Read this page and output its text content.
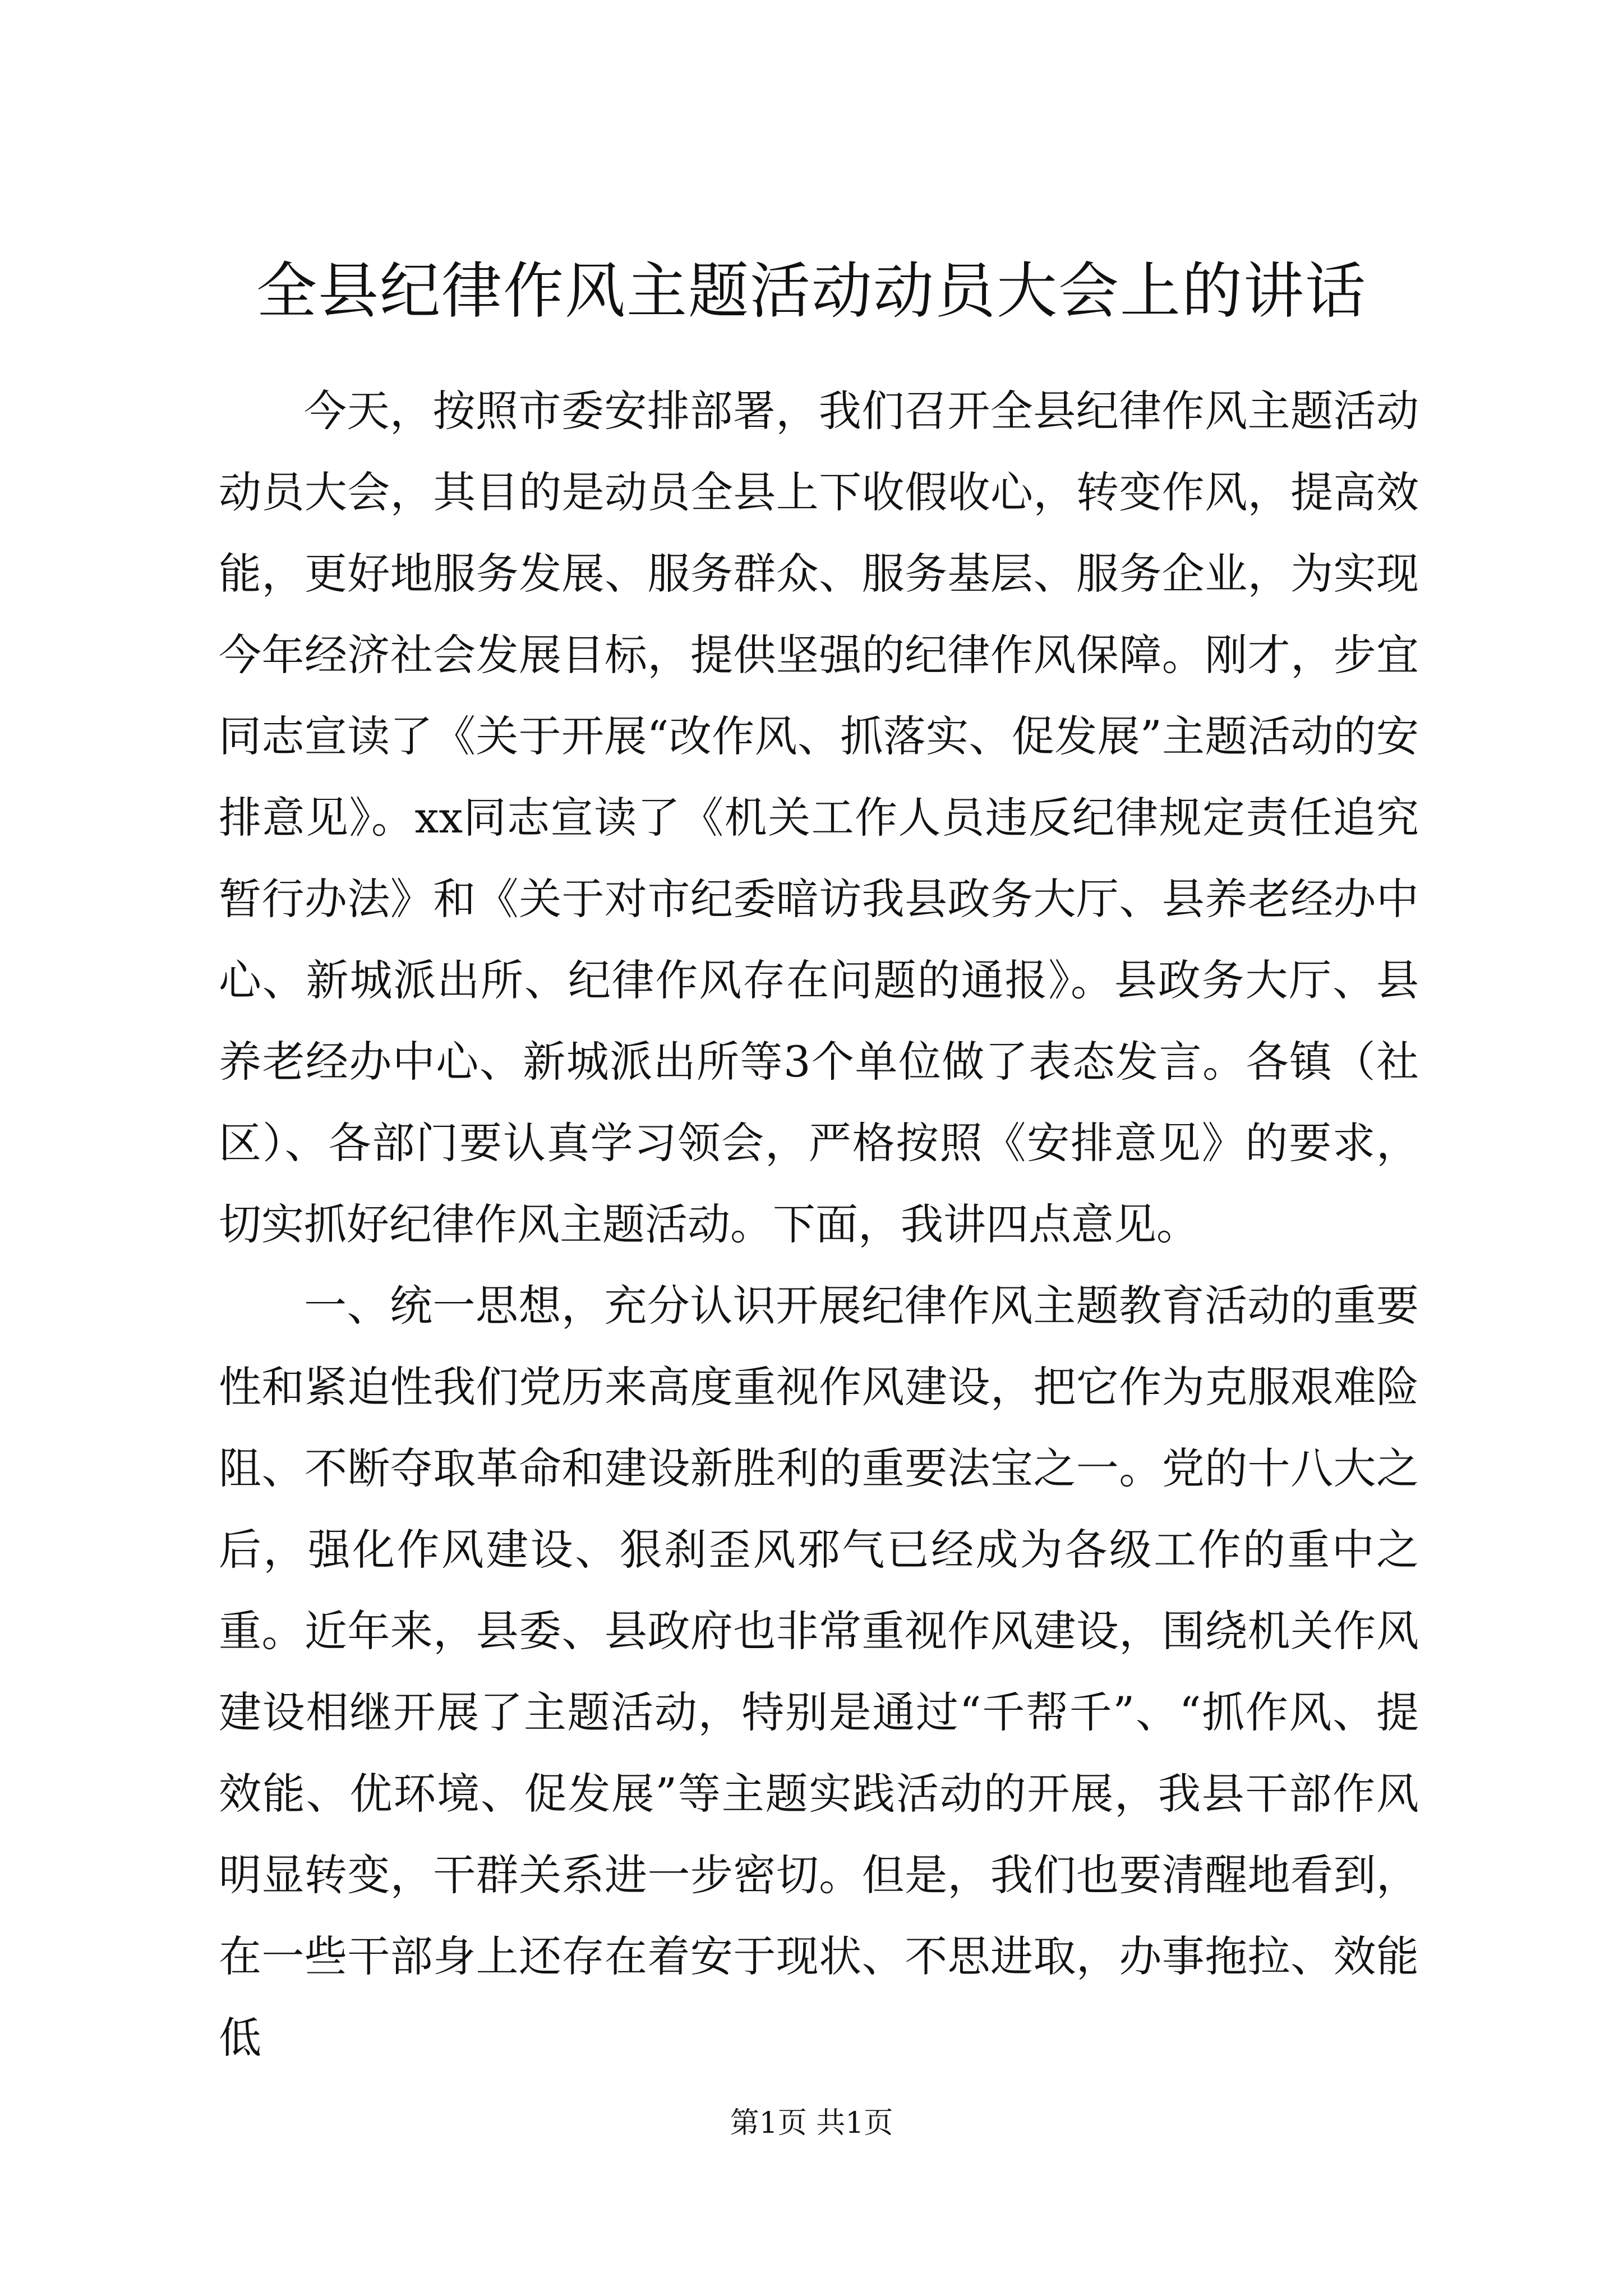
全县纪律作风主题活动动员大会上的讲话

今天，按照市委安排部署，我们召开全县纪律作风主题活动动员大会，其目的是动员全县上下收假收心，转变作风，提高效能，更好地服务发展、服务群众、服务基层、服务企业，为实现今年经济社会发展目标，提供坚强的纪律作风保障。刚才，步宜同志宣读了《关于开展“改作风、抓落实、促发展”主题活动的安排意见》。xx同志宣读了《机关工作人员违反纪律规定责任追究暂行办法》和《关于对市纪委暗访我县政务大厅、县养老经办中心、新城派出所、纪律作风存在问题的通报》。县政务大厅、县养老经办中心、新城派出所等3个单位做了表态发言。各镇（社区）、各部门要认真学习领会，严格按照《安排意见》的要求，切实抓好纪律作风主题活动。下面，我讲四点意见。

一、统一思想，充分认识开展纪律作风主题教育活动的重要性和紧迫性我们党历来高度重视作风建设，把它作为克服艰难险阻、不断夺取革命和建设新胜利的重要法宝之一。党的十八大之后，强化作风建设、狠刹歪风邪气已经成为各级工作的重中之重。近年来，县委、县政府也非常重视作风建设，围绕机关作风建设相继开展了主题活动，特别是通过“千帮千”、“抓作风、提效能、优环境、促发展”等主题实践活动的开展，我县干部作风明显转变，干群关系进一步密切。但是，我们也要清醒地看到，在一些干部身上还存在着安于现状、不思进取，办事拖拉、效能低

第1页 共1页
